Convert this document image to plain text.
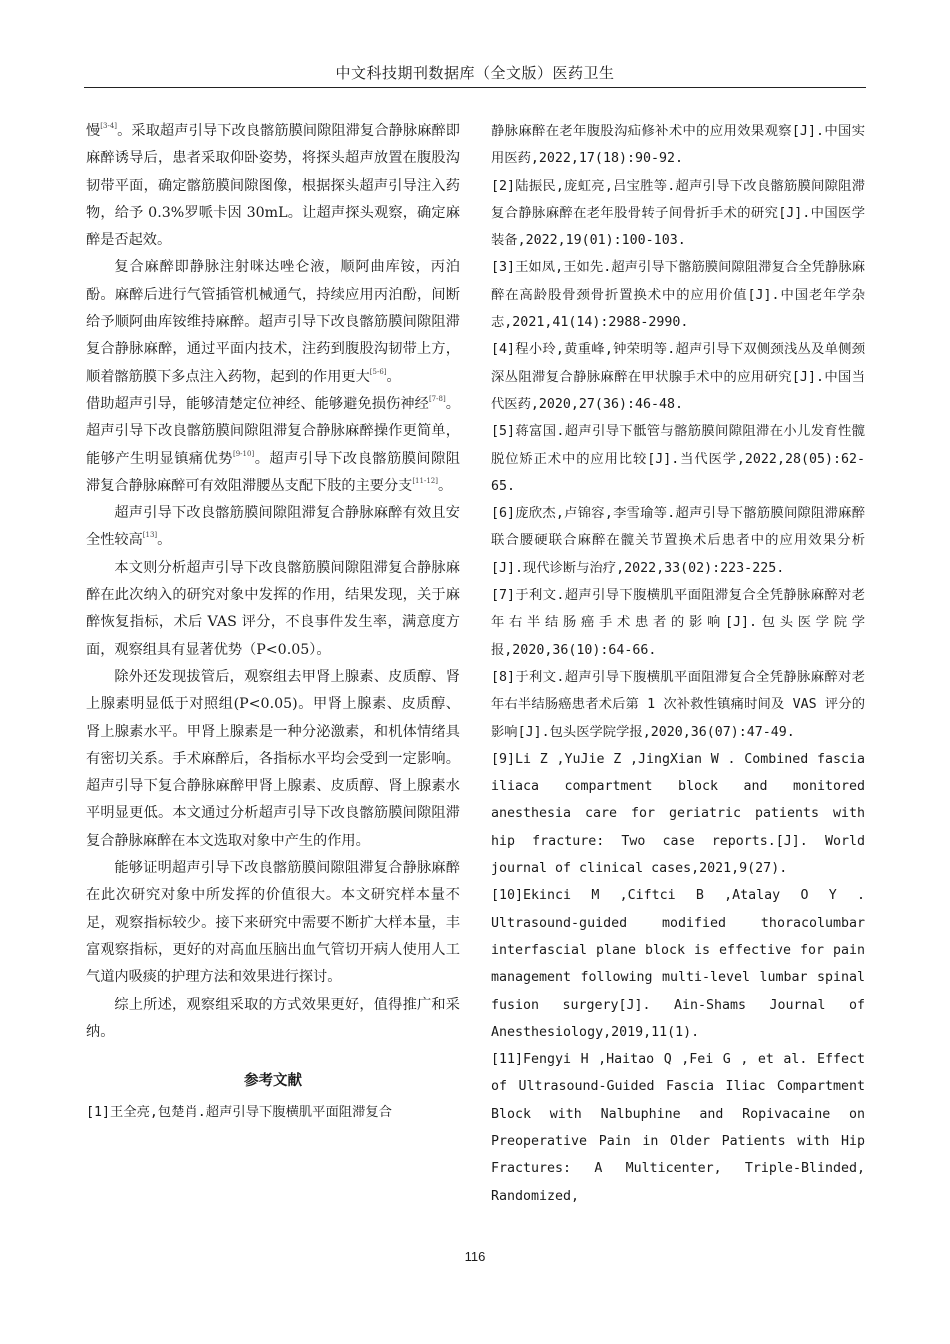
中文科技期刊数据库（全文版）医药卫生

慢[3-4]。采取超声引导下改良髂筋膜间隙阻滞复合静脉麻醉即麻醉诱导后，患者采取仰卧姿势，将探头超声放置在腹股沟韧带平面，确定髂筋膜间隙图像，根据探头超声引导注入药物，给予 0.3%罗哌卡因 30mL。让超声探头观察，确定麻醉是否起效。

复合麻醉即静脉注射咪达唑仑液，顺阿曲库铵，丙泊酚。麻醉后进行气管插管机械通气，持续应用丙泊酚，间断给予顺阿曲库铵维持麻醉。超声引导下改良髂筋膜间隙阻滞复合静脉麻醉，通过平面内技术，注药到腹股沟韧带上方，顺着髂筋膜下多点注入药物，起到的作用更大[5-6]。

借助超声引导，能够清楚定位神经、能够避免损伤神经[7-8]。超声引导下改良髂筋膜间隙阻滞复合静脉麻醉操作更简单，能够产生明显镇痛优势[9-10]。超声引导下改良髂筋膜间隙阻滞复合静脉麻醉可有效阻滞腰丛支配下肢的主要分支[11-12]。

超声引导下改良髂筋膜间隙阻滞复合静脉麻醉有效且安全性较高[13]。

本文则分析超声引导下改良髂筋膜间隙阻滞复合静脉麻醉在此次纳入的研究对象中发挥的作用，结果发现，关于麻醉恢复指标，术后 VAS 评分，不良事件发生率，满意度方面，观察组具有显著优势（P<0.05）。

除外还发现拔管后，观察组去甲肾上腺素、皮质醇、肾上腺素明显低于对照组(P<0.05)。甲肾上腺素、皮质醇、肾上腺素水平。甲肾上腺素是一种分泌激素，和机体情绪具有密切关系。手术麻醉后，各指标水平均会受到一定影响。超声引导下复合静脉麻醉甲肾上腺素、皮质醇、肾上腺素水平明显更低。本文通过分析超声引导下改良髂筋膜间隙阻滞复合静脉麻醉在本文选取对象中产生的作用。

能够证明超声引导下改良髂筋膜间隙阻滞复合静脉麻醉在此次研究对象中所发挥的价值很大。本文研究样本量不足，观察指标较少。接下来研究中需要不断扩大样本量，丰富观察指标，更好的对高血压脑出血气管切开病人使用人工气道内吸痰的护理方法和效果进行探讨。

综上所述，观察组采取的方式效果更好，值得推广和采纳。

参考文献

[1]王全亮,包楚肖.超声引导下腹横肌平面阻滞复合

静脉麻醉在老年腹股沟疝修补术中的应用效果观察[J].中国实用医药,2022,17(18):90-92.

[2]陆振民,庞虹亮,吕宝胜等.超声引导下改良髂筋膜间隙阻滞复合静脉麻醉在老年股骨转子间骨折手术的研究[J].中国医学装备,2022,19(01):100-103.

[3]王如凤,王如先.超声引导下髂筋膜间隙阻滞复合全凭静脉麻醉在高龄股骨颈骨折置换术中的应用价值[J].中国老年学杂志,2021,41(14):2988-2990.

[4]程小玲,黄重峰,钟荣明等.超声引导下双侧颈浅丛及单侧颈深丛阻滞复合静脉麻醉在甲状腺手术中的应用研究[J].中国当代医药,2020,27(36):46-48.

[5]蒋富国.超声引导下骶管与髂筋膜间隙阻滞在小儿发育性髋脱位矫正术中的应用比较[J].当代医学,2022,28(05):62-65.

[6]庞欣杰,卢锦容,李雪瑜等.超声引导下髂筋膜间隙阻滞麻醉联合腰硬联合麻醉在髋关节置换术后患者中的应用效果分析[J].现代诊断与治疗,2022,33(02):223-225.

[7]于利文.超声引导下腹横肌平面阻滞复合全凭静脉麻醉对老年右半结肠癌手术患者的影响[J].包头医学院学报,2020,36(10):64-66.

[8]于利文.超声引导下腹横肌平面阻滞复合全凭静脉麻醉对老年右半结肠癌患者术后第 1 次补救性镇痛时间及 VAS 评分的影响[J].包头医学院学报,2020,36(07):47-49.

[9]Li Z ,YuJie Z ,JingXian W . Combined fascia iliaca compartment block and monitored anesthesia care for geriatric patients with hip fracture: Two case reports.[J]. World journal of clinical cases,2021,9(27).

[10]Ekinci M ,Ciftci B ,Atalay O Y . Ultrasound-guided modified thoracolumbar interfascial plane block is effective for pain management following multi-level lumbar spinal fusion surgery[J]. Ain-Shams Journal of Anesthesiology,2019,11(1).

[11]Fengyi H ,Haitao Q ,Fei G , et al. Effect of Ultrasound-Guided Fascia Iliac Compartment Block with Nalbuphine and Ropivacaine on Preoperative Pain in Older Patients with Hip Fractures: A Multicenter, Triple-Blinded, Randomized,

116
